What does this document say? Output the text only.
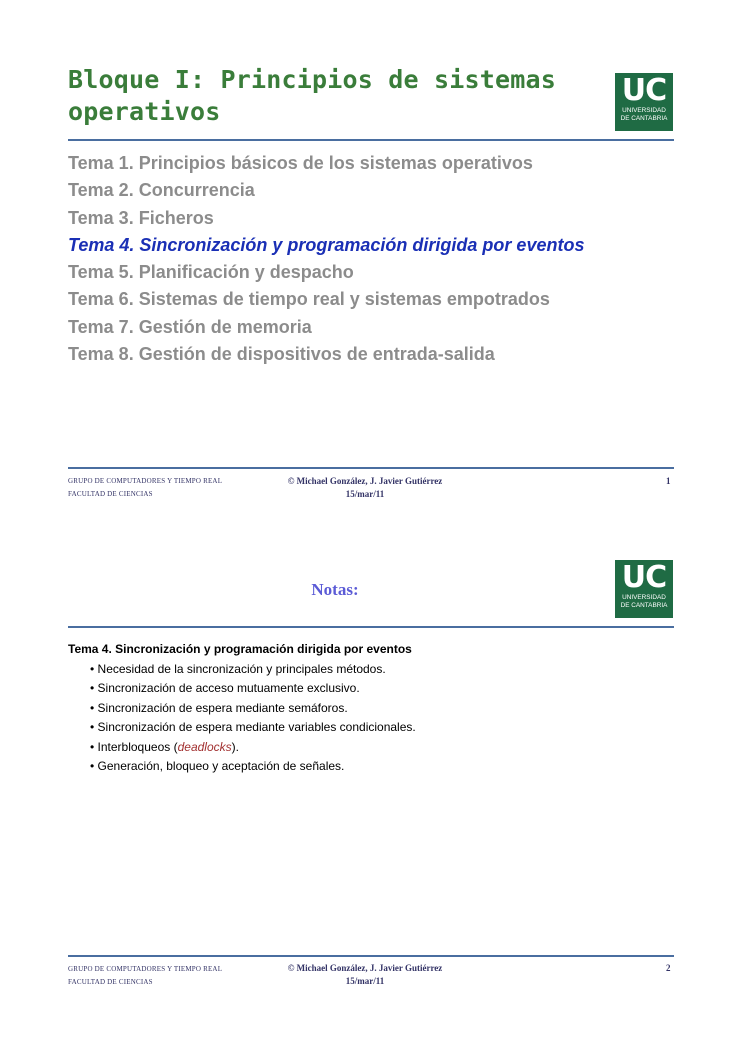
Bloque I: Principios de sistemas operativos
UC
UNIVERSIDAD
DE CANTABRIA
Tema 1. Principios básicos de los sistemas operativos
Tema 2. Concurrencia
Tema 3. Ficheros
Tema 4. Sincronización y programación dirigida por eventos
Tema 5. Planificación y despacho
Tema 6. Sistemas de tiempo real y sistemas empotrados
Tema 7. Gestión de memoria
Tema 8. Gestión de dispositivos de entrada-salida
GRUPO DE COMPUTADORES Y TIEMPO REAL
FACULTAD DE CIENCIAS
© Michael González, J. Javier Gutiérrez
15/mar/11
1
Notas:	UC
UNIVERSIDAD
DE CANTABRIA
Tema 4. Sincronización y programación dirigida por eventos
• Necesidad de la sincronización y principales métodos.
• Sincronización de acceso mutuamente exclusivo.
• Sincronización de espera mediante semáforos.
• Sincronización de espera mediante variables condicionales.
• Interbloqueos (deadlocks).
• Generación, bloqueo y aceptación de señales.
GRUPO DE COMPUTADORES Y TIEMPO REAL
FACULTAD DE CIENCIAS
© Michael González, J. Javier Gutiérrez
15/mar/11
2
